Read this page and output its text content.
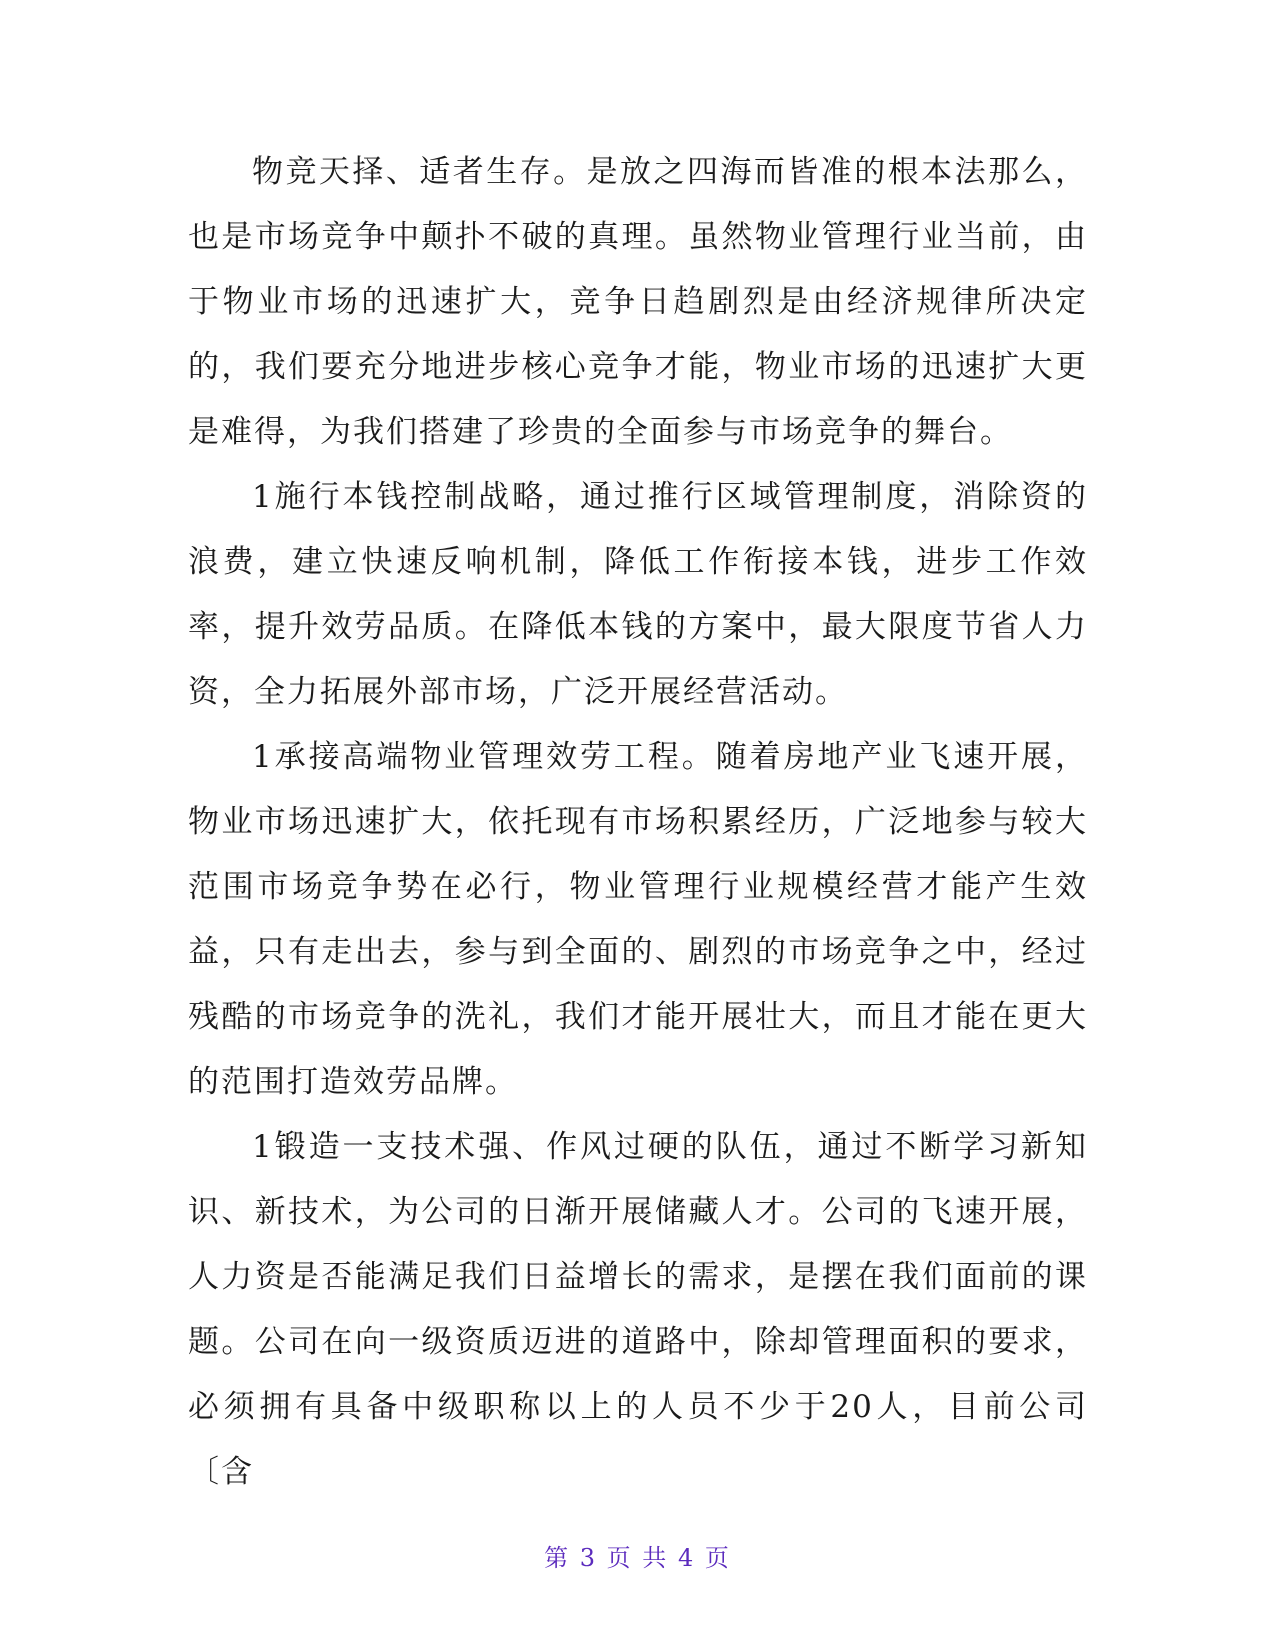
物竞天择、适者生存。是放之四海而皆准的根本法那么，也是市场竞争中颠扑不破的真理。虽然物业管理行业当前，由于物业市场的迅速扩大，竞争日趋剧烈是由经济规律所决定的，我们要充分地进步核心竞争才能，物业市场的迅速扩大更是难得，为我们搭建了珍贵的全面参与市场竞争的舞台。

1施行本钱控制战略，通过推行区域管理制度，消除资的浪费，建立快速反响机制，降低工作衔接本钱，进步工作效率，提升效劳品质。在降低本钱的方案中，最大限度节省人力资，全力拓展外部市场，广泛开展经营活动。

1承接高端物业管理效劳工程。随着房地产业飞速开展，物业市场迅速扩大，依托现有市场积累经历，广泛地参与较大范围市场竞争势在必行，物业管理行业规模经营才能产生效益，只有走出去，参与到全面的、剧烈的市场竞争之中，经过残酷的市场竞争的洗礼，我们才能开展壮大，而且才能在更大的范围打造效劳品牌。

1锻造一支技术强、作风过硬的队伍，通过不断学习新知识、新技术，为公司的日渐开展储藏人才。公司的飞速开展，人力资是否能满足我们日益增长的需求，是摆在我们面前的课题。公司在向一级资质迈进的道路中，除却管理面积的要求，必须拥有具备中级职称以上的人员不少于20人，目前公司〔含

第 3 页 共 4 页
